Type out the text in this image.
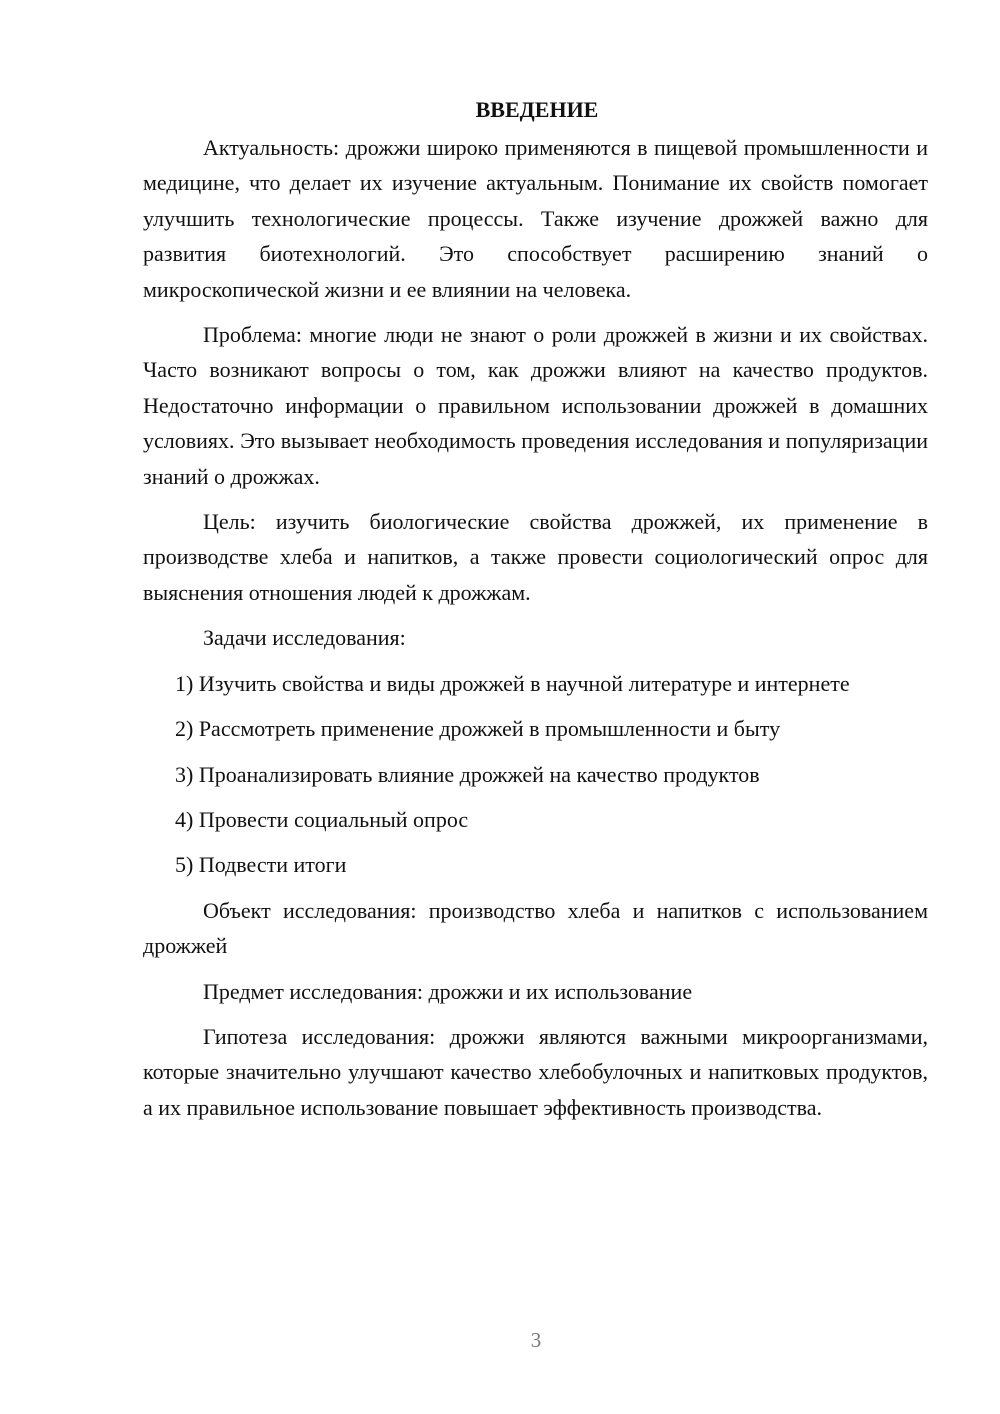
ВВЕДЕНИЕ

Актуальность: дрожжи широко применяются в пищевой промышленности и медицине, что делает их изучение актуальным. Понимание их свойств помогает улучшить технологические процессы. Также изучение дрожжей важно для развития биотехнологий. Это способствует расширению знаний о микроскопической жизни и ее влиянии на человека.

Проблема: многие люди не знают о роли дрожжей в жизни и их свойствах. Часто возникают вопросы о том, как дрожжи влияют на качество продуктов. Недостаточно информации о правильном использовании дрожжей в домашних условиях. Это вызывает необходимость проведения исследования и популяризации знаний о дрожжах.

Цель: изучить биологические свойства дрожжей, их применение в производстве хлеба и напитков, а также провести социологический опрос для выяснения отношения людей к дрожжам.

Задачи исследования:

1) Изучить свойства и виды дрожжей в научной литературе и интернете

2) Рассмотреть применение дрожжей в промышленности и быту

3) Проанализировать влияние дрожжей на качество продуктов

4) Провести социальный опрос

5) Подвести итоги

Объект исследования: производство хлеба и напитков с использованием дрожжей

Предмет исследования: дрожжи и их использование

Гипотеза исследования: дрожжи являются важными микроорганизмами, которые значительно улучшают качество хлебобулочных и напитковых продуктов, а их правильное использование повышает эффективность производства.

3
